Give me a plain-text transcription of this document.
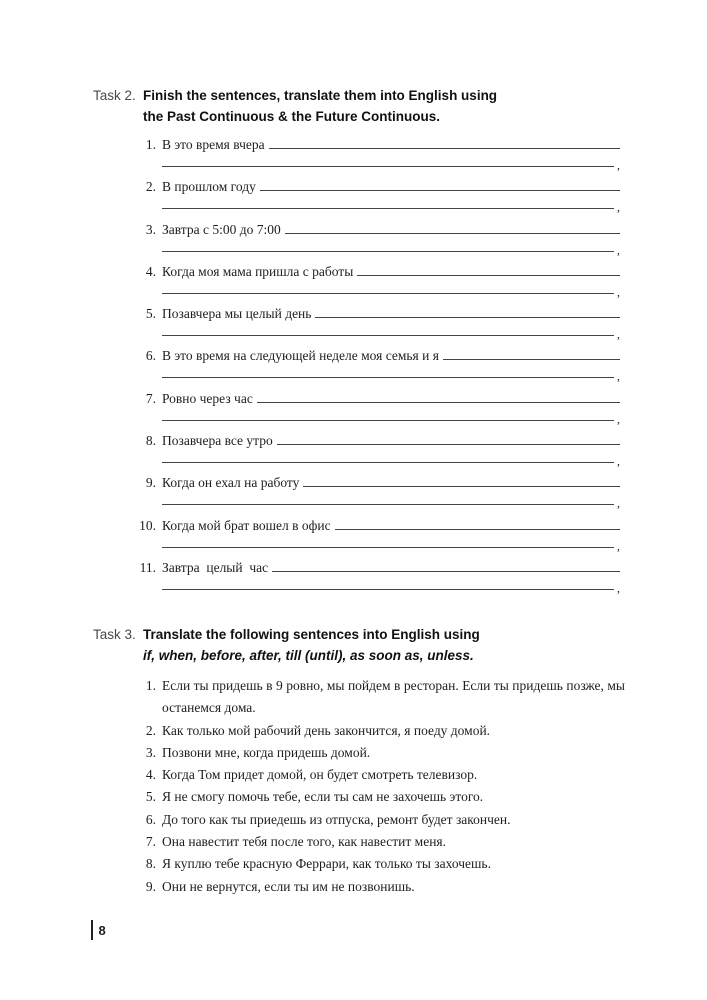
Task 2. Finish the sentences, translate them into English using
the Past Continuous & the Future Continuous.
1. В это время вчера
,
2. В прошлом году
,
3. Завтра с 5:00 до 7:00
,
4. Когда моя мама пришла с работы
,
5. Позавчера мы целый день
,
6. В это время на следующей неделе моя семья и я
,
7. Ровно через час
,
8. Позавчера все утро
,
9. Когда он ехал на работу
,
10. Когда мой брат вошел в офис
,
11. Завтра  целый  час
,
Task 3. Translate the following sentences into English using
if, when, before, after, till (until), as soon as, unless.
1. Если ты придешь в 9 ровно, мы пойдем в ресторан. Если ты придешь позже, мы останемся дома.
2. Как только мой рабочий день закончится, я поеду домой.
3. Позвони мне, когда придешь домой.
4. Когда Том придет домой, он будет смотреть телевизор.
5. Я не смогу помочь тебе, если ты сам не захочешь этого.
6. До того как ты приедешь из отпуска, ремонт будет закончен.
7. Она навестит тебя после того, как навестит меня.
8. Я куплю тебе красную Феррари, как только ты захочешь.
9. Они не вернутся, если ты им не позвонишь.
8
